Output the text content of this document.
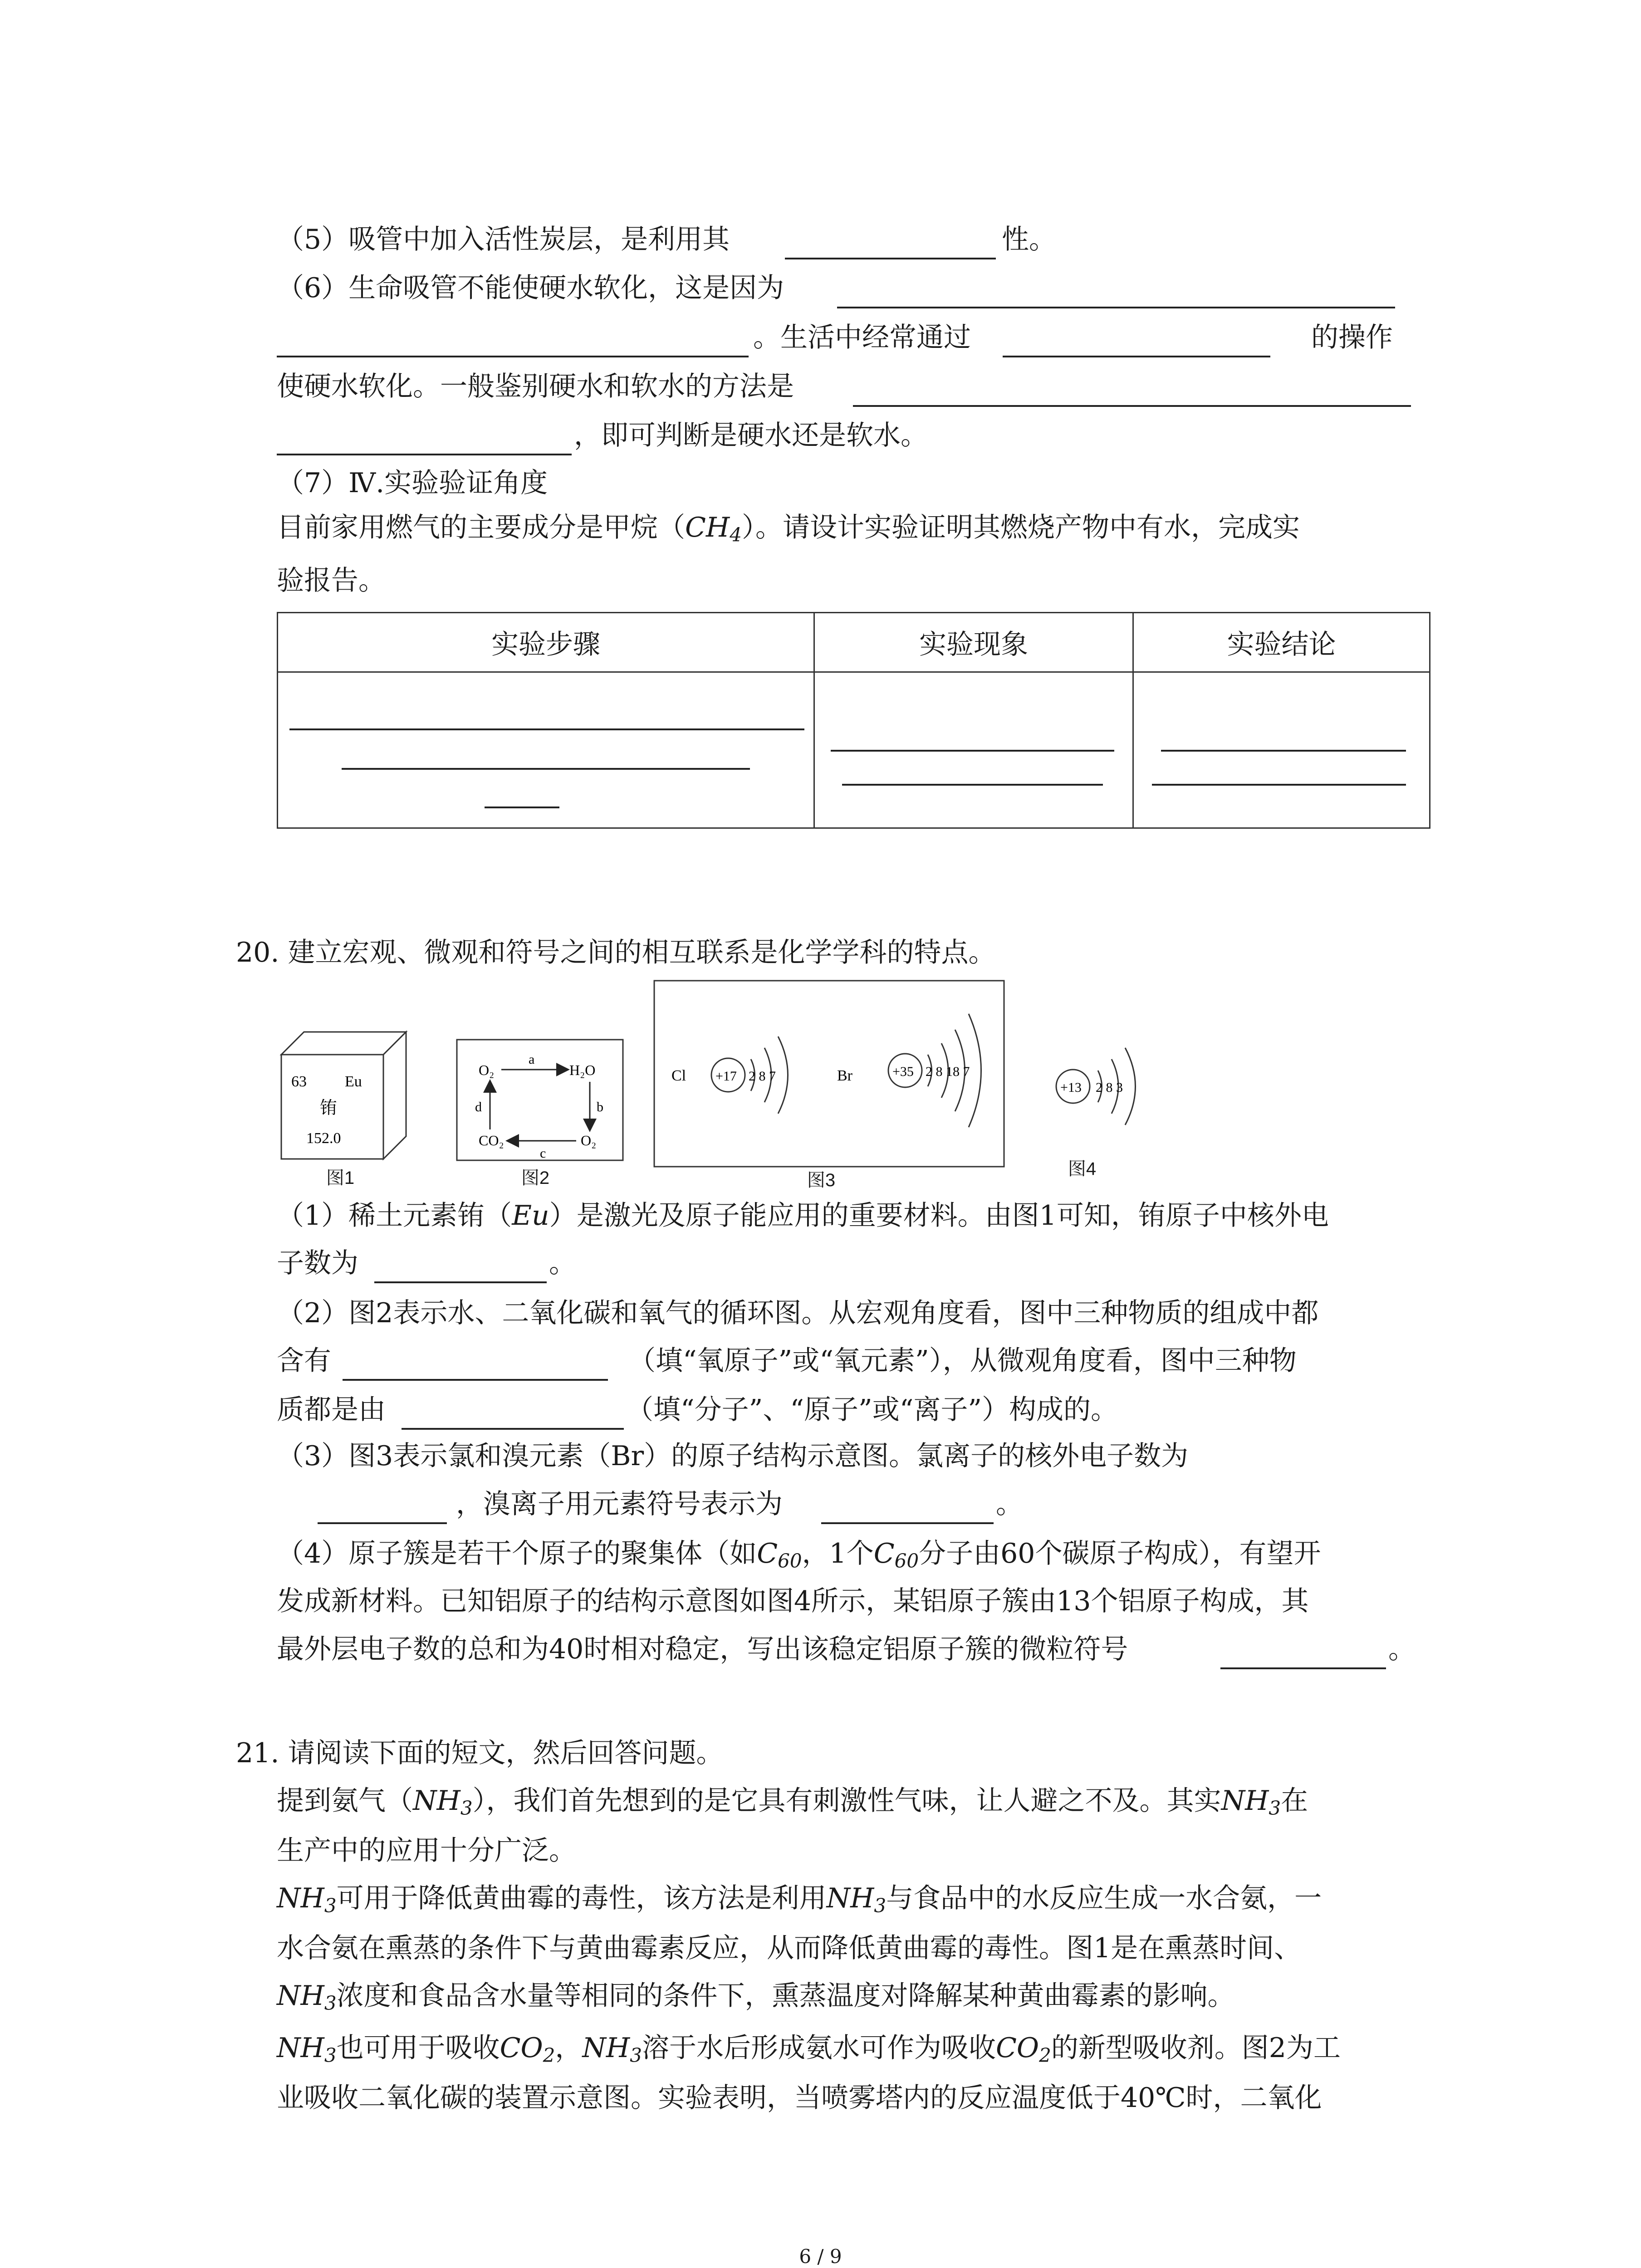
（5）吸管中加入活性炭层，是利用其	性。
（6）生命吸管不能使硬水软化，这是因为
。生活中经常通过	的操作
使硬水软化。一般鉴别硬水和软水的方法是
，即可判断是硬水还是软水。
（7）Ⅳ.实验验证角度
目前家用燃气的主要成分是甲烷$(CH_4)$。请设计实验证明其燃烧产物中有水，完成实
验报告。
实验步骤	实验现象	实验结论

20. 建立宏观、微观和符号之间的相互联系是化学学科的特点。
63 Eu
铕
152.0
图1
O₂	H₂O
CO₂	O₂
a
b
c
d
图2
Cl +17 2 8 7	Br	+35 2 8 18 7
图3
+13 2 8 3
图4
（1）稀土元素铕（Eu）是激光及原子能应用的重要材料。由图1可知，铕原子中核外电
子数为	。
（2）图2表示水、二氧化碳和氧气的循环图。从宏观角度看，图中三种物质的组成中都
含有	（填“氧原子”或“氧元素”），从微观角度看，图中三种物
质都是由	（填“分子”、“原子”或“离子”）构成的。
（3）图3表示氯和溴元素（Br）的原子结构示意图。氯离子的核外电子数为
，溴离子用元素符号表示为	。
（4）原子簇是若干个原子的聚集体（如$C_{60}$，1个$C_{60}$分子由60个碳原子构成），有望开
发成新材料。已知铝原子的结构示意图如图4所示，某铝原子簇由13个铝原子构成，其
最外层电子数的总和为40时相对稳定，写出该稳定铝原子簇的微粒符号	。
21. 请阅读下面的短文，然后回答问题。
提到氨气$(NH_3)$，我们首先想到的是它具有刺激性气味，让人避之不及。其实$NH_3$在
生产中的应用十分广泛。
$NH_3$可用于降低黄曲霉的毒性，该方法是利用$NH_3$与食品中的水反应生成一水合氨，一
水合氨在熏蒸的条件下与黄曲霉素反应，从而降低黄曲霉的毒性。图1是在熏蒸时间、
$NH_3$浓度和食品含水量等相同的条件下，熏蒸温度对降解某种黄曲霉素的影响。
$NH_3$也可用于吸收$CO_2$，$NH_3$溶于水后形成氨水可作为吸收$CO_2$的新型吸收剂。图2为工
业吸收二氧化碳的装置示意图。实验表明，当喷雾塔内的反应温度低于40℃时，二氧化
6 / 9
